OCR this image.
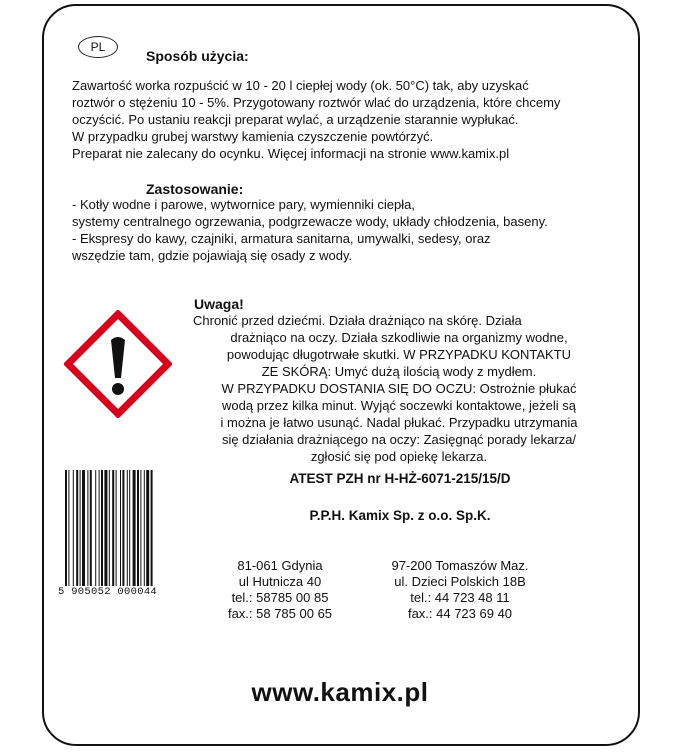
PL
Sposób użycia:
Zawartość worka rozpuścić w 10 - 20 l ciepłej wody (ok. 50°C) tak, aby uzyskać
roztwór o stężeniu 10 - 5%. Przygotowany roztwór wlać do urządzenia, które chcemy
oczyścić. Po ustaniu reakcji preparat wylać, a urządzenie starannie wypłukać.
W przypadku grubej warstwy kamienia czyszczenie powtórzyć.
Preparat nie zalecany do ocynku. Więcej informacji na stronie www.kamix.pl
Zastosowanie:
- Kotły wodne i parowe, wytwornice pary, wymienniki ciepła,
systemy centralnego ogrzewania, podgrzewacze wody, układy chłodzenia, baseny.
- Ekspresy do kawy, czajniki, armatura sanitarna, umywalki, sedesy, oraz
wszędzie tam, gdzie pojawiają się osady z wody.
Uwaga!
Chronić przed dziećmi. Działa drażniąco na skórę. Działa
drażniąco na oczy. Działa szkodliwie na organizmy wodne,
powodując długotrwałe skutki. W PRZYPADKU KONTAKTU
ZE SKÓRĄ: Umyć dużą ilością wody z mydłem.
W PRZYPADKU DOSTANIA SIĘ DO OCZU: Ostrożnie płukać
wodą przez kilka minut. Wyjąć soczewki kontaktowe, jeżeli są
i można je łatwo usunąć. Nadal płukać. Przypadku utrzymania
się działania drażniącego na oczy: Zasięgnąć porady lekarza/
zgłosić się pod opiekę lekarza.
ATEST PZH nr H-HŻ-6071-215/15/D
P.P.H. Kamix Sp. z o.o. Sp.K.
81-061 Gdynia
ul Hutnicza 40
tel.: 58785 00 85
fax.: 58 785 00 65
97-200 Tomaszów Maz.
ul. Dzieci Polskich 18B
tel.: 44 723 48 11
fax.: 44 723 69 40
5 905052 000044
www.kamix.pl
